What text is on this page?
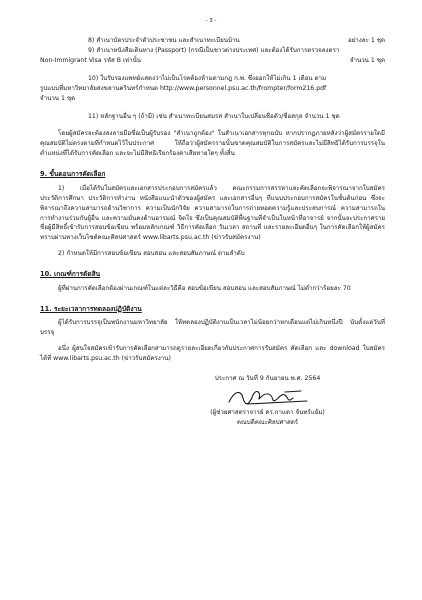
- 3 -
8) สำเนาบัตรประจำตัวประชาชน และสำเนาทะเบียนบ้าน	อย่างละ 1 ชุด
9) สำเนาหนังสือเดินทาง (Passport) (กรณีเป็นชาวต่างประเทศ) และต้องได้รับการตรวจลงตรา
Non-Immigrant Visa รหัส B เท่านั้น	จำนวน 1 ชุด
10) ใบรับรองแพทย์แสดงว่าไม่เป็นโรคต้องห้ามตามกฎ ก.พ. ซึ่งออกให้ไม่เกิน 1 เดือน ตาม
รูปแบบที่มหาวิทยาลัยสงขลานครินทร์กำหนด http://www.personnel.psu.ac.th/frompter/form216.pdf
จำนวน 1 ชุด
11) หลักฐานอื่น ๆ (ถ้ามี) เช่น สำเนาทะเบียนสมรส สำเนาใบเปลี่ยนชื่อตัว/ชื่อสกุล จำนวน 1 ชุด
โดยผู้สมัครจะต้องลงลายมือชื่อเป็นผู้รับรอง "สำเนาถูกต้อง" ในสำเนาเอกสารทุกฉบับ หากปรากฏภายหลังว่าผู้สมัครรายใดมีคุณสมบัติไม่ตรงตามที่กำหนดไว้ในประกาศ ให้ถือว่าผู้สมัครรายนั้นขาดคุณสมบัติในการสมัครและไม่มีสิทธิได้รับการบรรจุในตำแหน่งที่ได้รับการคัดเลือก และจะไม่มีสิทธิเรียกร้องค่าเสียหายใดๆ ทั้งสิ้น
9. ขั้นตอนการคัดเลือก
1) เมื่อได้รับใบสมัครและเอกสารประกอบการสมัครแล้ว คณะกรรมการสรรหาและคัดเลือกจะพิจารณาจากใบสมัคร ประวัติการศึกษา ประวัติการทำงาน หนังสือแนะนำตัวของผู้สมัคร และเอกสารอื่นๆ ที่แนบประกอบการสมัครในชั้นต้นก่อน ซึ่งจะพิจารณาถึงความสามารถด้านวิชาการ ความเป็นนักวิจัย ความสามารถในการถ่ายทอดความรู้และประสบการณ์ ความสามารถในการทำงานร่วมกับผู้อื่น และความมั่นคงด้านอารมณ์ จิตใจ ซึ่งเป็นคุณสมบัติพื้นฐานที่จำเป็นในหน้าที่อาจารย์ จากนั้นจะประกาศรายชื่อผู้มีสิทธิ์เข้ารับการสอบข้อเขียน พร้อมหลักเกณฑ์ วิธีการคัดเลือก วันเวลา สถานที่ และรายละเอียดอื่นๆ ในการคัดเลือกให้ผู้สมัครทราบผ่านทางเว็บไซต์คณะศิลปศาสตร์ www.libarts.psu.ac.th (ข่าวรับสมัครงาน)
2) กำหนดให้มีการสอบข้อเขียน สอบสอน และสอบสัมภาษณ์ ตามลำดับ
10. เกณฑ์การตัดสิน
ผู้ที่ผ่านการคัดเลือกต้องผ่านเกณฑ์ในแต่ละวิธีคือ สอบข้อเขียน สอบสอน และสอบสัมภาษณ์ ไม่ต่ำกว่าร้อยละ 70
11. ระยะเวลาการทดลองปฏิบัติงาน
ผู้ได้รับการบรรจุเป็นพนักงานมหาวิทยาลัย ให้ทดลองปฏิบัติงานเป็นเวลาไม่น้อยกว่าหกเดือนแต่ไม่เกินหนึ่งปี นับตั้งแต่วันที่บรรจุ
อนึ่ง ผู้สนใจสมัครเข้ารับการคัดเลือกสามารถดูรายละเอียดเกี่ยวกับประกาศการรับสมัคร คัดเลือก และ download ใบสมัคร ได้ที่ www.libarts.psu.ac.th (ข่าวรับสมัครงาน)
ประกาศ ณ วันที่ 9 กันยายน พ.ศ. 2564
(ผู้ช่วยศาสตราจารย์ ดร.กาแดา จันทร์แย้ม)
คณบดีคณะศิลปศาสตร์
